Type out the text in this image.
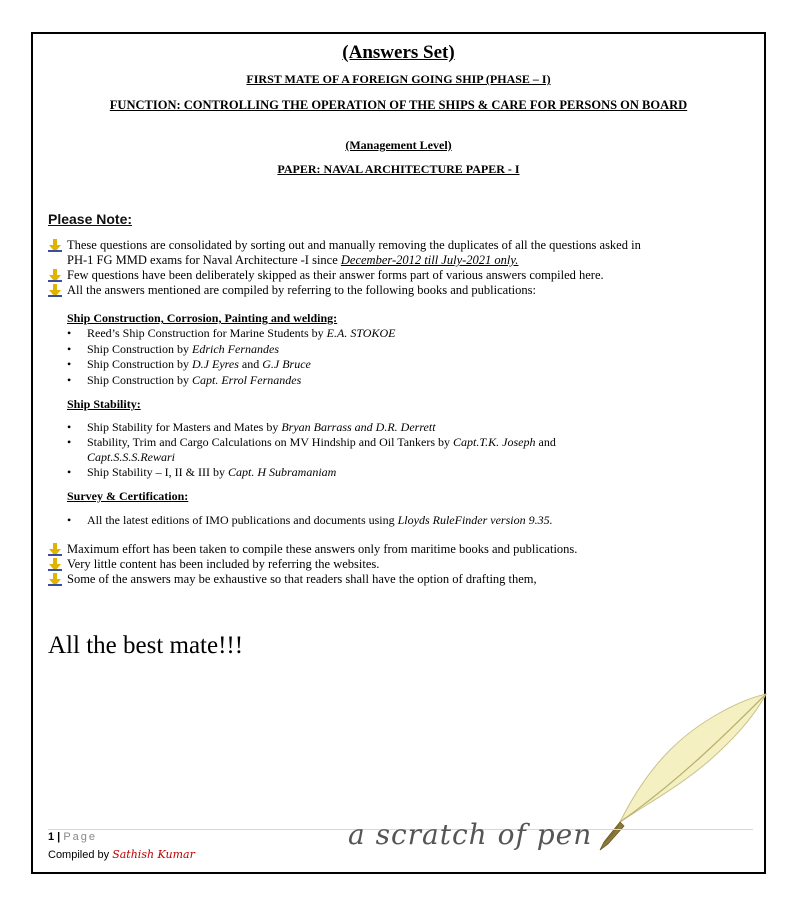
(Answers Set)
FIRST MATE OF A FOREIGN GOING SHIP (PHASE – I)
FUNCTION: CONTROLLING THE OPERATION OF THE SHIPS & CARE FOR PERSONS ON BOARD
(Management Level)
PAPER: NAVAL ARCHITECTURE PAPER - I
Please Note:
These questions are consolidated by sorting out and manually removing the duplicates of all the questions asked in
PH-1 FG MMD exams for Naval Architecture -I since December-2012 till July-2021 only.
Few questions have been deliberately skipped as their answer forms part of various answers compiled here.
All the answers mentioned are compiled by referring to the following books and publications:
Ship Construction, Corrosion, Painting and welding:
• Reed’s Ship Construction for Marine Students by E.A. STOKOE
• Ship Construction by Edrich Fernandes
• Ship Construction by D.J Eyres and G.J Bruce
• Ship Construction by Capt. Errol Fernandes
Ship Stability:
• Ship Stability for Masters and Mates by Bryan Barrass and D.R. Derrett
• Stability, Trim and Cargo Calculations on MV Hindship and Oil Tankers by Capt.T.K. Joseph and
Capt.S.S.S.Rewari
• Ship Stability – I, II & III by Capt. H Subramaniam
Survey & Certification:
• All the latest editions of IMO publications and documents using Lloyds RuleFinder version 9.35.
Maximum effort has been taken to compile these answers only from maritime books and publications.
Very little content has been included by referring the websites.
Some of the answers may be exhaustive so that readers shall have the option of drafting them,
All the best mate!!!
1 | Page
Compiled by Sathish Kumar
a scratch of pen
